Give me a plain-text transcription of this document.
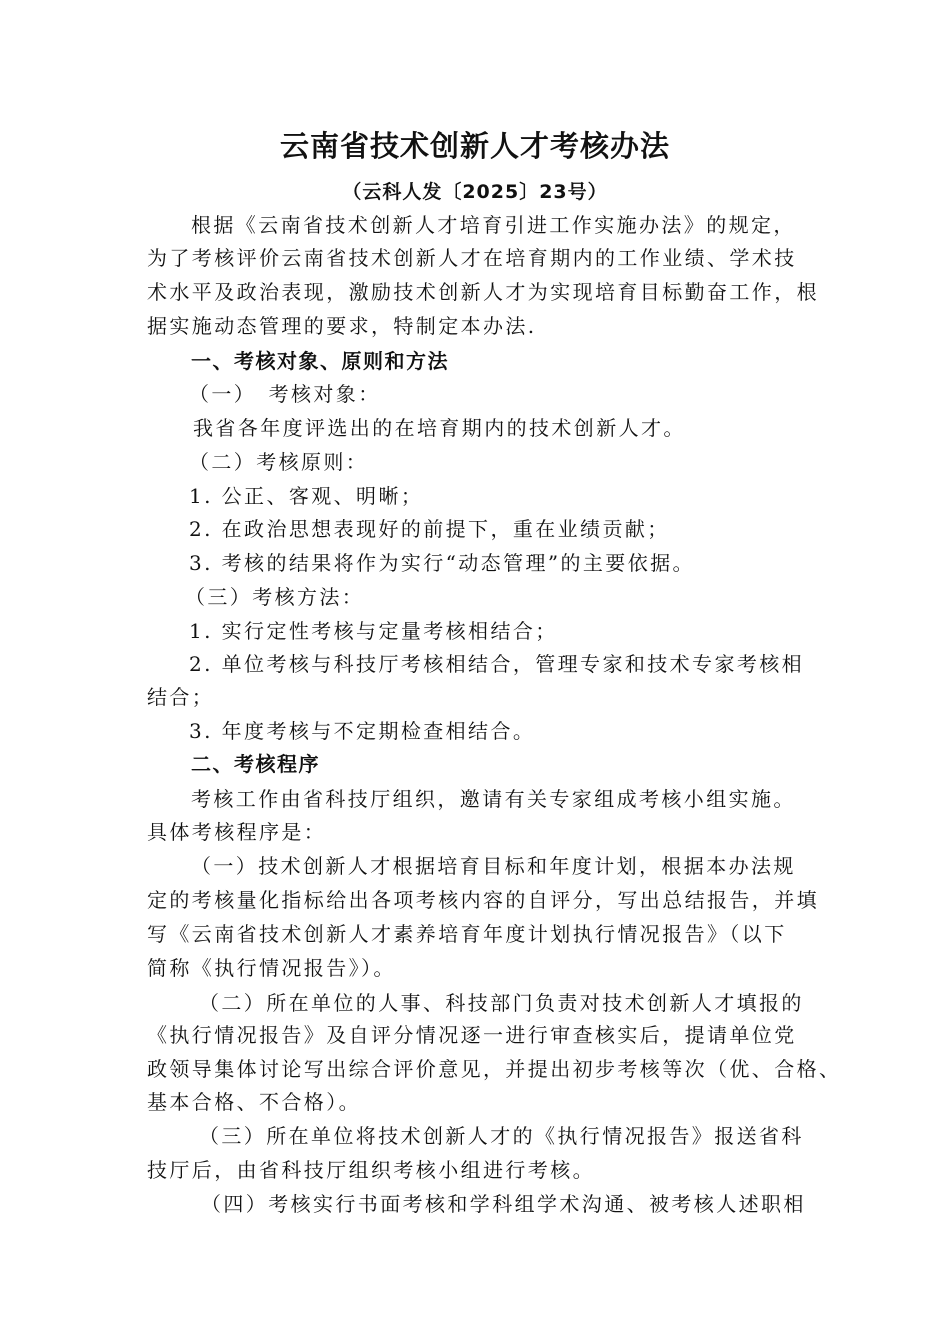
云南省技术创新人才考核办法
（云科人发〔2025〕23号）
根据《云南省技术创新人才培育引进工作实施办法》的规定，
为了考核评价云南省技术创新人才在培育期内的工作业绩、学术技
术水平及政治表现，激励技术创新人才为实现培育目标勤奋工作，根
据实施动态管理的要求，特制定本办法.
一、考核对象、原则和方法
（一）　考核对象：
我省各年度评选出的在培育期内的技术创新人才。
（二）考核原则：
1. 公正、客观、明晰；
2. 在政治思想表现好的前提下，重在业绩贡献；
3. 考核的结果将作为实行“动态管理”的主要依据。
（三）考核方法：
1. 实行定性考核与定量考核相结合；
2. 单位考核与科技厅考核相结合，管理专家和技术专家考核相
结合；
3. 年度考核与不定期检查相结合。
二、考核程序
考核工作由省科技厅组织，邀请有关专家组成考核小组实施。
具体考核程序是：
（一）技术创新人才根据培育目标和年度计划，根据本办法规
定的考核量化指标给出各项考核内容的自评分，写出总结报告，并填
写《云南省技术创新人才素养培育年度计划执行情况报告》（以下
简称《执行情况报告》）。
（二）所在单位的人事、科技部门负责对技术创新人才填报的
《执行情况报告》及自评分情况逐一进行审查核实后，提请单位党
政领导集体讨论写出综合评价意见，并提出初步考核等次（优、合格、
基本合格、不合格）。
（三）所在单位将技术创新人才的《执行情况报告》报送省科
技厅后，由省科技厅组织考核小组进行考核。
（四）考核实行书面考核和学科组学术沟通、被考核人述职相
